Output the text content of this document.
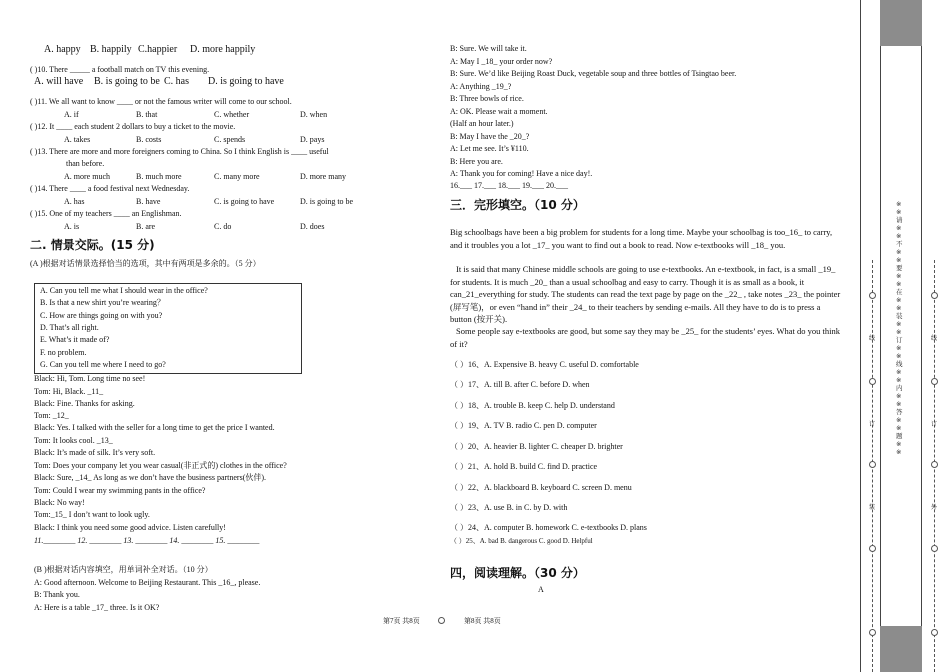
A. happy B. happily C.happier D. more happily
( )10. There _____ a football match on TV this evening.
A. will have B. is going to be C. has D. is going to have
( )11. We all want to know ____ or not the famous writer will come to our school.
A. if	B. that	C. whether	D. when
( )12. It ____ each student 2 dollars to buy a ticket to the movie.
A. takes	B. costs	C. spends	D. pays
( )13. There are more and more foreigners coming to China. So I think English is ____ useful
than before.
A. more much	B. much more	C. many more	D. more many
( )14. There ____ a food festival next Wednesday.
A. has	B. have	C. is going to have	D. is going to be
( )15. One of my teachers ____ an Englishman.
A. is	B. are	C. do	D. does
二. 情景交际。(15 分)
(A )根据对话情景选择恰当的选项，其中有两项是多余的。（5 分）
A. Can you tell me what I should wear in the office?
B. Is that a new shirt you’re wearing？
C. How are things going on with you?
D. That’s all right.
E. What’s it made of?
F. no problem.
G. Can you tell me where I need to go?
Black: Hi, Tom. Long time no see!
Tom: Hi, Black. _11_
Black: Fine. Thanks for asking.
Tom: _12_
Black: Yes. I talked with the seller for a long time to get the price I wanted.
Tom: It looks cool. _13_
Black: It’s made of silk. It’s very soft.
Tom: Does your company let you wear casual(非正式的) clothes in the office?
Black: Sure, _14_ As long as we don’t have the business partners(伙伴).
Tom: Could I wear my swimming pants in the office?
Black: No way!
Tom:_15_ I don’t want to look ugly.
Black: I think you need some good advice. Listen carefully!
11.________ 12. ________ 13. ________ 14. ________ 15. ________
(B )根据对话内容填空，用单词补全对话。（10 分）
A: Good afternoon. Welcome to Beijing Restaurant. This _16_, please.
B: Thank you.
A: Here is a table _17_ three. Is it OK?
B: Sure. We will take it.
A: May I _18_ your order now?
B: Sure. We’d like Beijing Roast Duck, vegetable soup and three bottles of Tsingtao beer.
A: Anything _19_?
B: Three bowls of rice.
A: OK. Please wait a moment.
(Half an hour later.)
B: May I have the _20_?
A: Let me see. It’s ¥110.
B: Here you are.
A: Thank you for coming! Have a nice day!.
16.___ 17.___ 18.___ 19.___ 20.___
三．完形填空。（10 分）
Big schoolbags have been a big problem for students for a long time. Maybe your schoolbag is too_16_ to carry, and it troubles you a lot _17_ you want to find out a book to read. Now e-textbooks will _18_ you.
It is said that many Chinese middle schools are going to use e-textbooks. An e-textbook, in fact, is a small _19_ for students. It is much _20_ than a usual schoolbag and easy to carry. Though it is as small as a book, it can_21_everything for study. The students can read the text page by page on the _22_ , take notes _23_ the pointer (屏写笔)，or even “hand in” their _24_ to their teachers by sending e-mails. All they have to do is to press a button (按开关).
Some people say e-textbooks are good, but some say they may be _25_ for the students’ eyes. What do you think of it?
（ ）16、A. Expensive B. heavy C. useful D. comfortable
（ ）17、A. till B. after C. before D. when
（ ）18、A. trouble B. keep C. help D. understand
（ ）19、A. TV B. radio C. pen D. computer
（ ）20、A. heavier B. lighter C. cheaper D. brighter
（ ）21、A. hold B. build C. find D. practice
（ ）22、A. blackboard B. keyboard C. screen D. menu
（ ）23、A. use B. in C. by D. with
（ ）24、A. computer B. homework C. e-textbooks D. plans
（ ）25、A. bad B. dangerous C. good D. Helpful
四，阅读理解。（30 分）
A
第7页 共8页	第8页 共8页
※※请※※不※※要※※在※※装※※订※※线※※内※※答※※题※※
线
订
装
线
订
外
